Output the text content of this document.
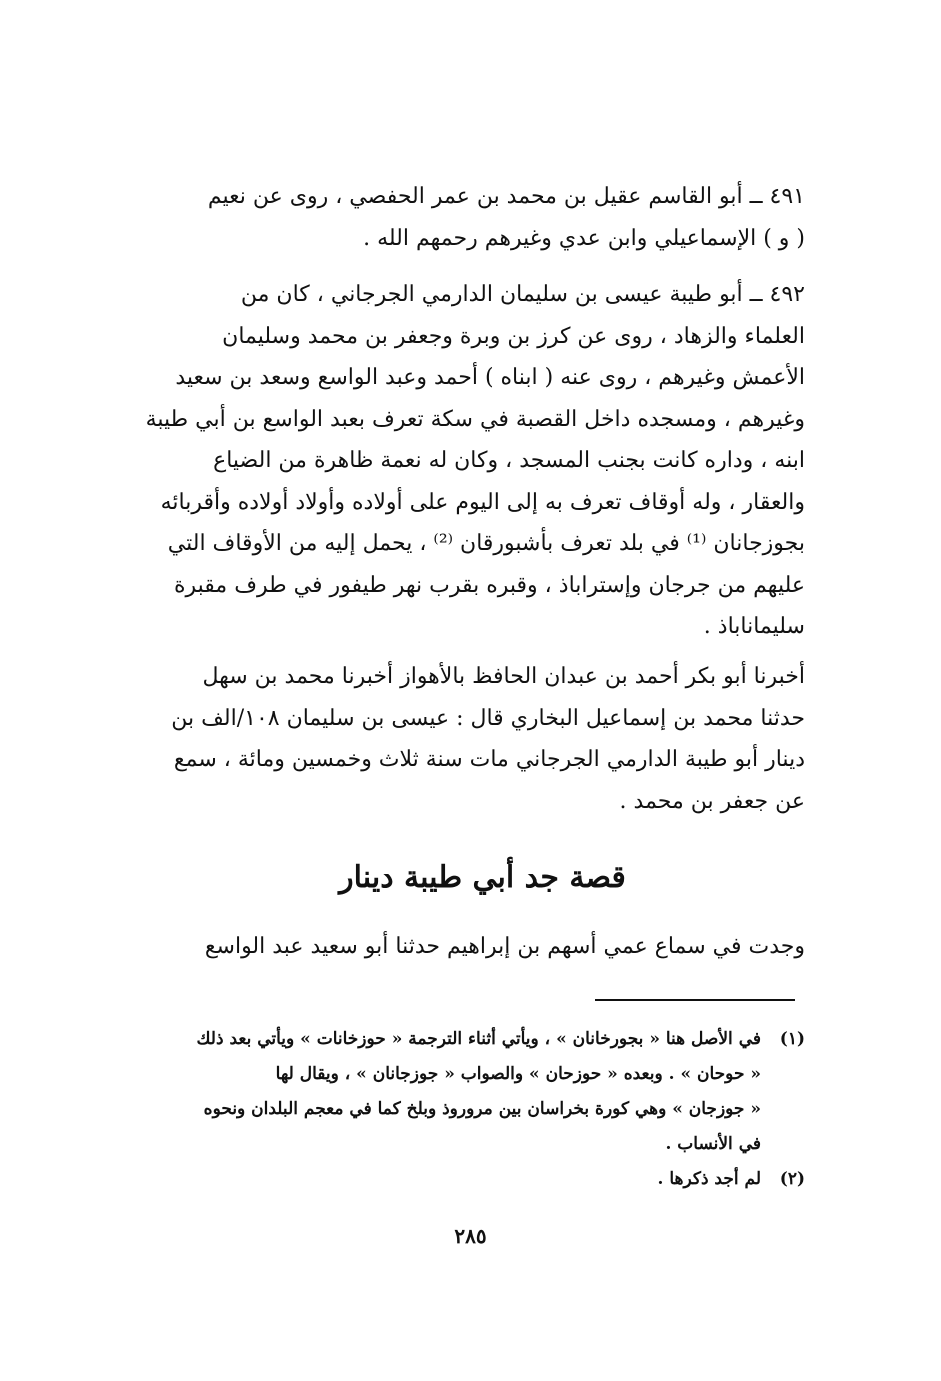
٤٩١ ــ أبو القاسم عقيل بن محمد بن عمر الحفصي ، روى عن نعيم
( و ) الإسماعيلي وابن عدي وغيرهم رحمهم الله .
٤٩٢ ــ أبو طيبة عيسى بن سليمان الدارمي الجرجاني ، كان من
العلماء والزهاد ، روى عن كرز بن وبرة وجعفر بن محمد وسليمان
الأعمش وغيرهم ، روى عنه ( ابناه ) أحمد وعبد الواسع وسعد بن سعيد
وغيرهم ، ومسجده داخل القصبة في سكة تعرف بعبد الواسع بن أبي طيبة
ابنه ، وداره كانت بجنب المسجد ، وكان له نعمة ظاهرة من الضياع
والعقار ، وله أوقاف تعرف به إلى اليوم على أولاده وأولاد أولاده وأقربائه
بجوزجانان ⁽¹⁾ في بلد تعرف بأشبورقان ⁽²⁾ ، يحمل إليه من الأوقاف التي
عليهم من جرجان وإستراباذ ، وقبره بقرب نهر طيفور في طرف مقبرة
سليماناباذ .
أخبرنا أبو بكر أحمد بن عبدان الحافظ بالأهواز أخبرنا محمد بن سهل
حدثنا محمد بن إسماعيل البخاري قال : عيسى بن سليمان ١٠٨/الف بن
دينار أبو طيبة الدارمي الجرجاني مات سنة ثلاث وخمسين ومائة ، سمع
عن جعفر بن محمد .
قصة جد أبي طيبة دينار
وجدت في سماع عمي أسهم بن إبراهيم حدثنا أبو سعيد عبد الواسع
(١)
في الأصل هنا « بجورخانان » ، ويأتي أثناء الترجمة « حوزخانات » ويأتي بعد ذلك
« حوحان » . وبعده « حوزحان » والصواب « جوزجانان » ، ويقال لها
« جوزجان » وهي كورة بخراسان بين مروروذ وبلخ كما في معجم البلدان ونحوه
في الأنساب .
(٢)
لم أجد ذكرها .
٢٨٥
